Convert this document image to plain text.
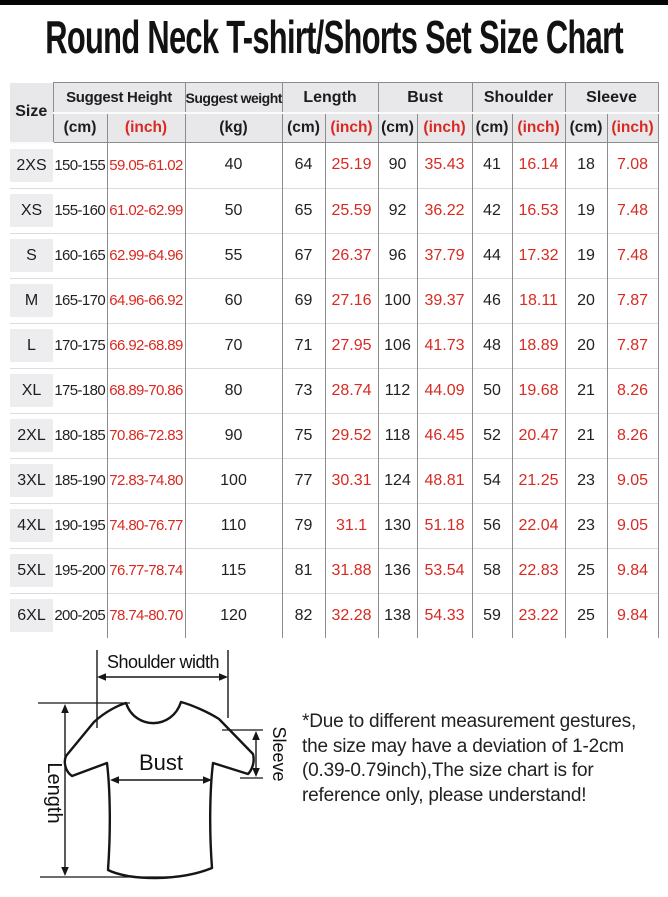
Round Neck T-shirt/Shorts Set Size Chart
Size	Suggest Height		Suggest weight	Length		Bust		Shoulder		Sleeve	
	(cm)	(inch)	(kg)	(cm)	(inch)	(cm)	(inch)	(cm)	(inch)	(cm)	(inch)

2XS	150-155	59.05-61.02	40	64	25.19	90	35.43	41	16.14	18	7.08

XS	155-160	61.02-62.99	50	65	25.59	92	36.22	42	16.53	19	7.48

S	160-165	62.99-64.96	55	67	26.37	96	37.79	44	17.32	19	7.48

M	165-170	64.96-66.92	60	69	27.16	100	39.37	46	18.11	20	7.87

L	170-175	66.92-68.89	70	71	27.95	106	41.73	48	18.89	20	7.87

XL	175-180	68.89-70.86	80	73	28.74	112	44.09	50	19.68	21	8.26

2XL	180-185	70.86-72.83	90	75	29.52	118	46.45	52	20.47	21	8.26

3XL	185-190	72.83-74.80	100	77	30.31	124	48.81	54	21.25	23	9.05

4XL	190-195	74.80-76.77	110	79	31.1	130	51.18	56	22.04	23	9.05

5XL	195-200	76.77-78.74	115	81	31.88	136	53.54	58	22.83	25	9.84

6XL	200-205	78.74-80.70	120	82	32.28	138	54.33	59	23.22	25	9.84
Shoulder width
Length	Bust	Sleeve
*Due to different measurement gestures, the size may have a deviation of 1-2cm (0.39-0.79inch),The size chart is for reference only, please understand!
